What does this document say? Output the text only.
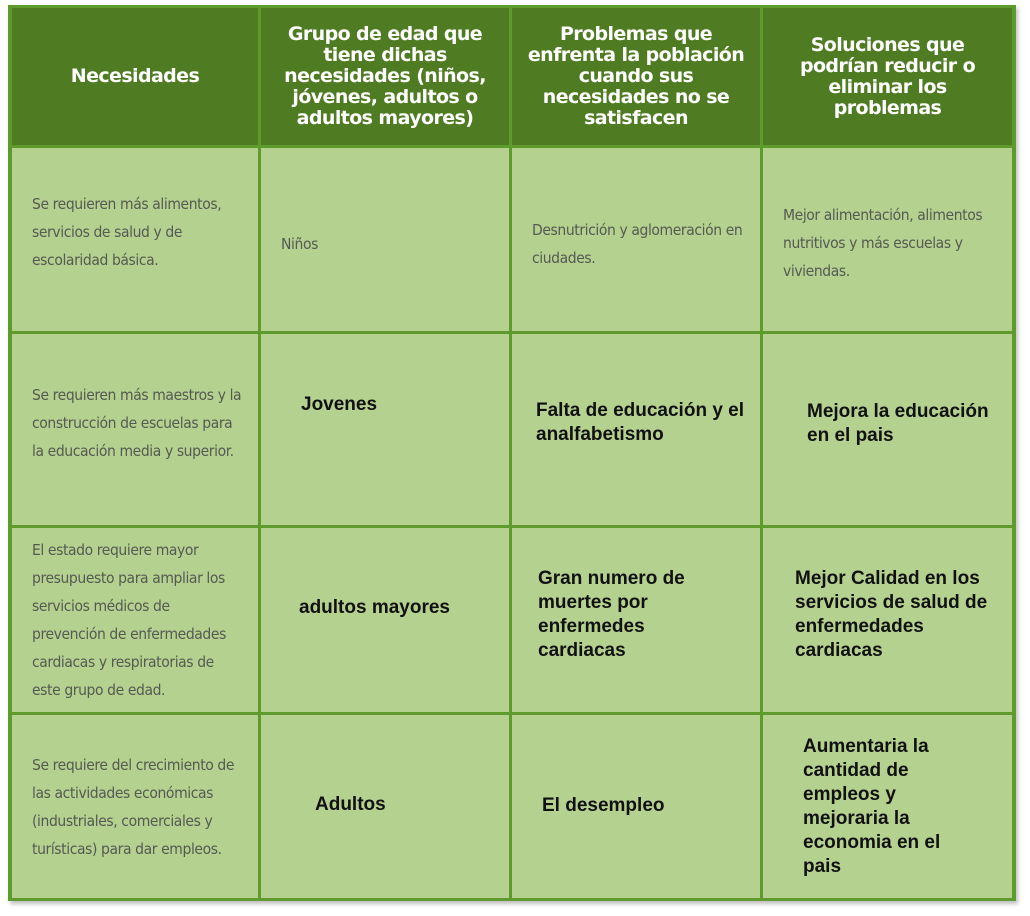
Necesidades
Grupo de edad que tiene dichas necesidades (niños, jóvenes, adultos o adultos mayores)
Problemas que enfrenta la población cuando sus necesidades no se satisfacen
Soluciones que podrían reducir o eliminar los problemas
Se requieren más alimentos, servicios de salud y de escolaridad básica.
Niños
Desnutrición y aglomeración en ciudades.
Mejor alimentación, alimentos nutritivos y más escuelas y viviendas.
Se requieren más maestros y la construcción de escuelas para la educación media y superior.
Jovenes	Falta de educación y el analfabetismo
Mejora la educación en el pais
El estado requiere mayor presupuesto para ampliar los servicios médicos de prevención de enfermedades cardiacas y respiratorias de este grupo de edad.
adultos mayores
Gran numero de muertes por enfermedes cardiacas
Mejor Calidad en los servicios de salud de enfermedades cardiacas
Se requiere del crecimiento de las actividades económicas (industriales, comerciales y turísticas) para dar empleos.
Adultos	El desempleo
Aumentaria la cantidad de empleos y mejoraria la economia en el pais
